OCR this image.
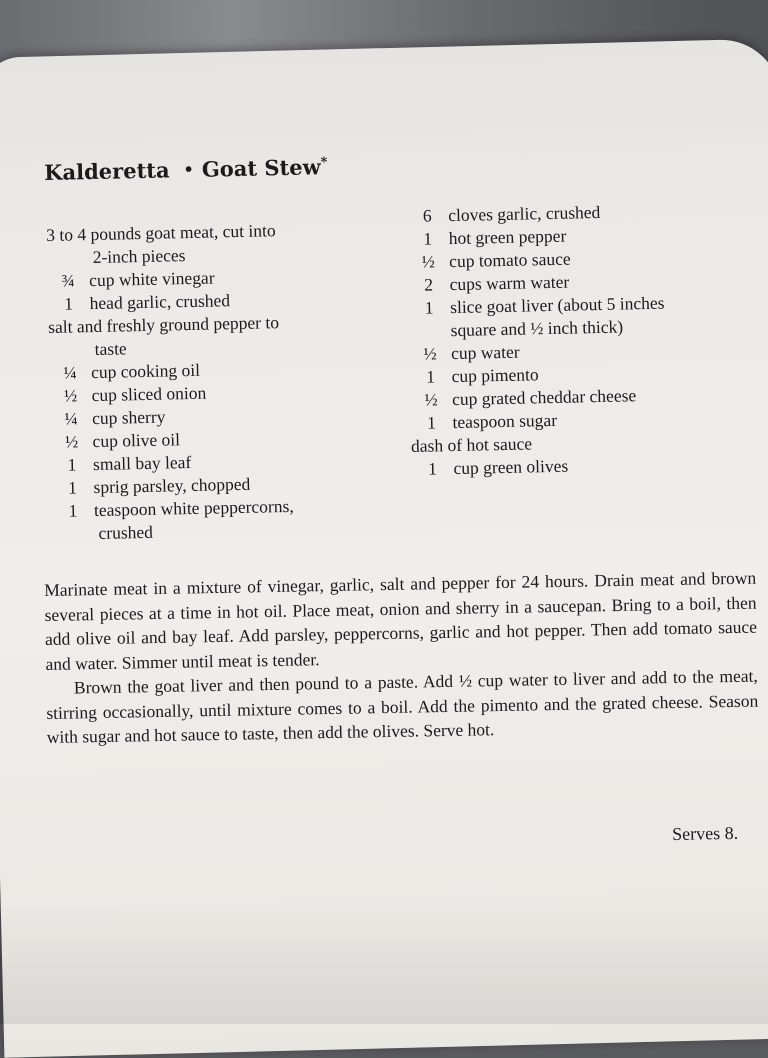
Kalderetta • Goat Stew*
3 to 4 pounds goat meat, cut into
2-inch pieces
¾ cup white vinegar
1 head garlic, crushed
salt and freshly ground pepper to
taste
¼ cup cooking oil
½ cup sliced onion
¼ cup sherry
½ cup olive oil
1 small bay leaf
1 sprig parsley, chopped
1 teaspoon white peppercorns,
crushed
6 cloves garlic, crushed
1 hot green pepper
½ cup tomato sauce
2 cups warm water
1 slice goat liver (about 5 inches
square and ½ inch thick)
½ cup water
1 cup pimento
½ cup grated cheddar cheese
1 teaspoon sugar
dash of hot sauce
1 cup green olives

Marinate meat in a mixture of vinegar, garlic, salt and pepper for 24 hours. Drain meat and brown several pieces at a time in hot oil. Place meat, onion and sherry in a saucepan. Bring to a boil, then add olive oil and bay leaf. Add parsley, peppercorns, garlic and hot pepper. Then add tomato sauce and water. Simmer until meat is tender.

Brown the goat liver and then pound to a paste. Add ½ cup water to liver and add to the meat, stirring occasionally, until mixture comes to a boil. Add the pimento and the grated cheese. Season with sugar and hot sauce to taste, then add the olives. Serve hot.

Serves 8.
